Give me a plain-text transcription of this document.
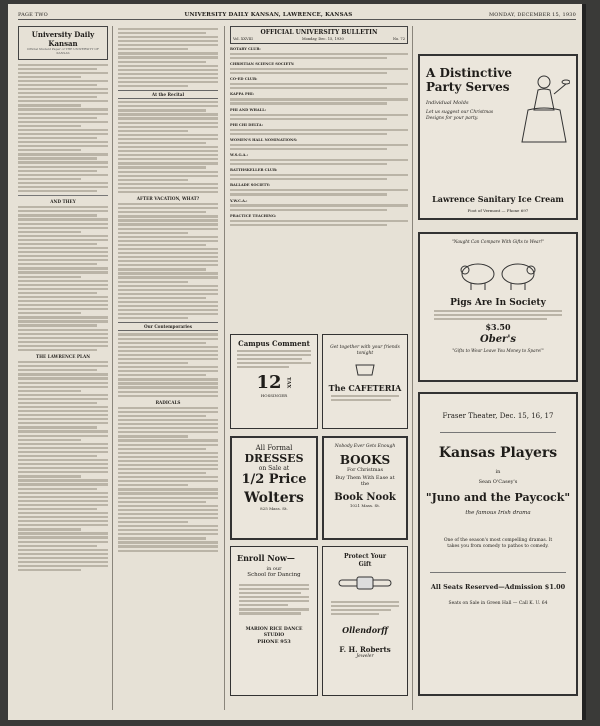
PAGE TWO	UNIVERSITY DAILY KANSAN, LAWRENCE, KANSAS	MONDAY, DECEMBER 15, 1930
University Daily Kansan
Official Student Paper of THE UNIVERSITY OF KANSAS
AND THEY
THE LAWRENCE PLAN
At the Recital
AFTER VACATION, WHAT?
Our Contemporaries
RADICALS
OFFICIAL UNIVERSITY BULLETIN
Vol. XXVIII	Monday, Dec. 15, 1930	No. 72
ROTARY CLUB:
CHRISTIAN SCIENCE SOCIETY:
CO-ED CLUB:
KAPPA PHI:
PHI AND WHALL:
PHI CHI DELTA:
WOMEN'S HALL NOMINATIONS:
W.S.G.A.:
RATTHSKELLER CLUB:
BALLADE SOCIETY:
Y.W.C.A.:
PRACTICE TEACHING:
A Distinctive Party Serves
Individual Molds
Let us suggest our Christmas Designs for your party.
Lawrence Sanitary Ice Cream
Foot of Vermont — Phone 697
"Naught Can Compare With Gifts to Wear!"
Pigs Are In Society
$3.50
Ober's
"Gifts to Wear Leave You Money to Spare!"
Campus Comment
12 TAX
HOSSINGER
Get together with your friends tonight
The CAFETERIA
All Formal
DRESSES
on Sale at
1/2 Price
Wolters
825 Mass. St.
Nobody Ever Gets Enough
BOOKS
For Christmas
Buy Them With Ease at the
Book Nook
1021 Mass. St.
Enroll Now—
in our
School for Dancing
MARION RICE DANCE STUDIO
PHONE 953
Protect Your Gift
Ollendorff
F. H. Roberts
Jeweler
Fraser Theater, Dec. 15, 16, 17
Kansas Players
in
Sean O'Casey's
"Juno and the Paycock"
the famous Irish drama
One of the season's most compelling dramas. It takes you from comedy to pathos to comedy.
All Seats Reserved—Admission $1.00
Seats on Sale in Green Hall — Call K. U. 64
